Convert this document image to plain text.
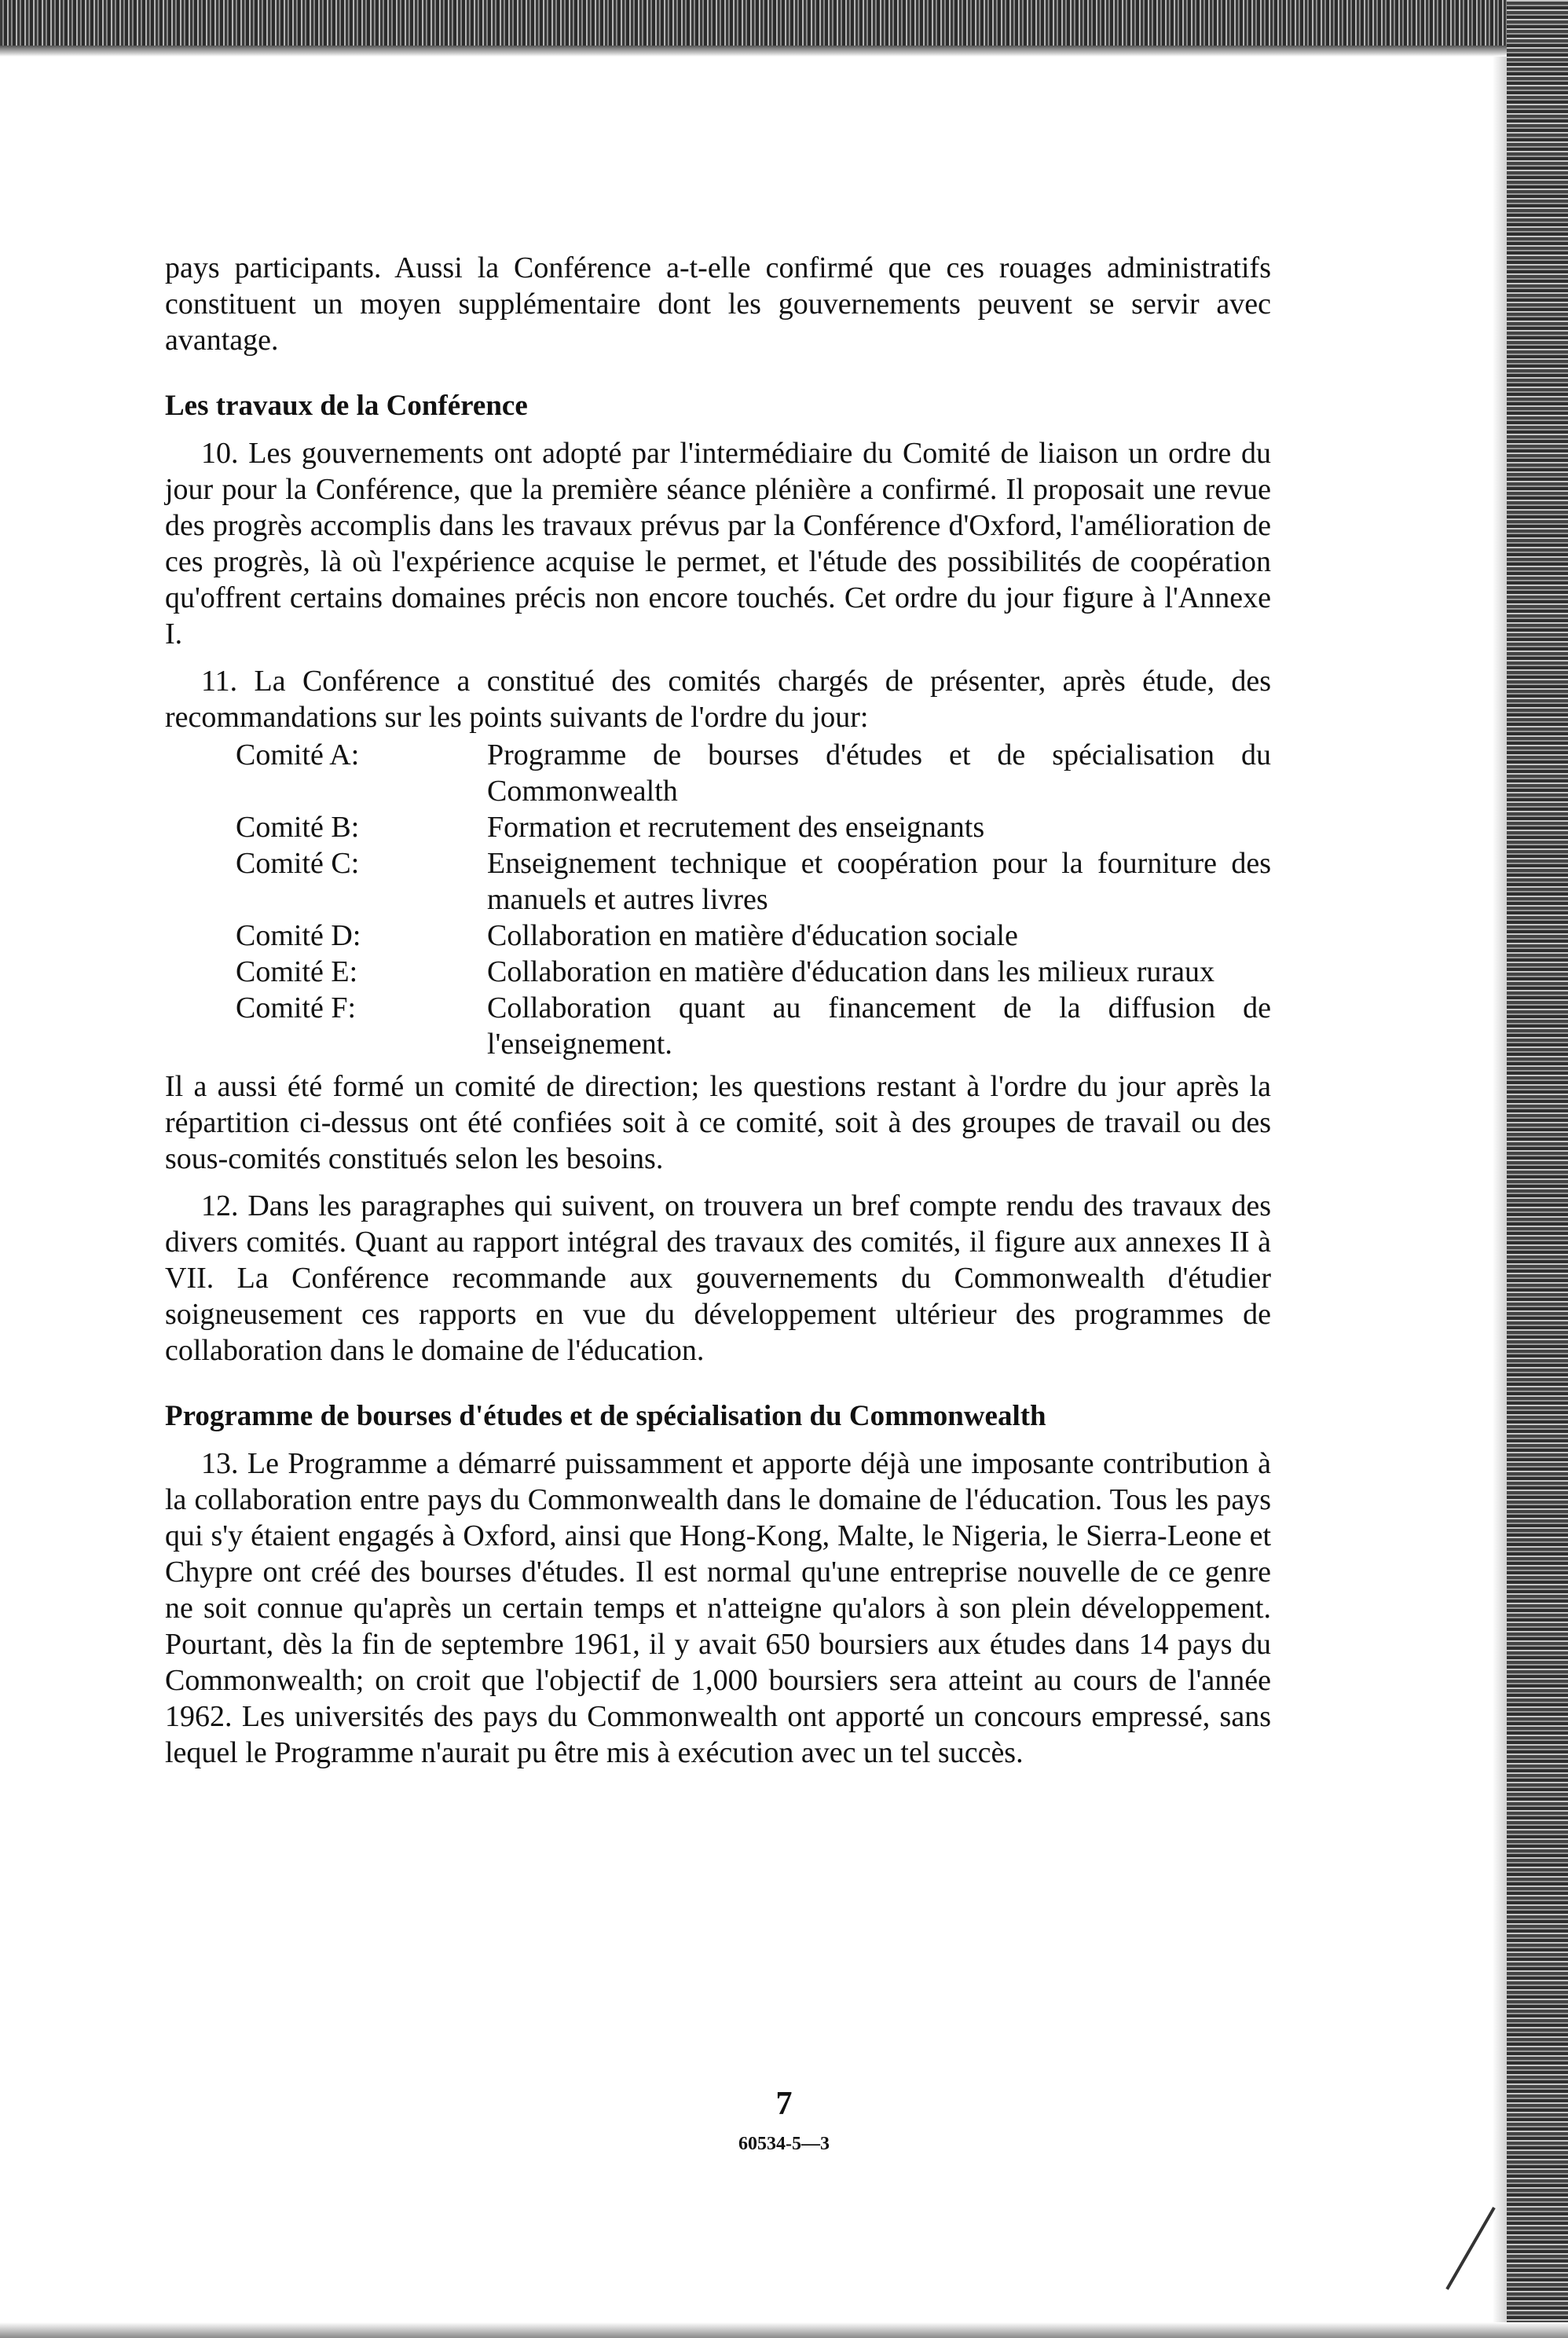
pays participants. Aussi la Conférence a-t-elle confirmé que ces rouages administratifs constituent un moyen supplémentaire dont les gouvernements peuvent se servir avec avantage.

Les travaux de la Conférence

10. Les gouvernements ont adopté par l'intermédiaire du Comité de liaison un ordre du jour pour la Conférence, que la première séance plénière a confirmé. Il proposait une revue des progrès accomplis dans les travaux prévus par la Conférence d'Oxford, l'amélioration de ces progrès, là où l'expérience acquise le permet, et l'étude des possibilités de coopération qu'offrent certains domaines précis non encore touchés. Cet ordre du jour figure à l'Annexe I.

11. La Conférence a constitué des comités chargés de présenter, après étude, des recommandations sur les points suivants de l'ordre du jour:

Comité A:	Programme de bourses d'études et de spécialisation du Commonwealth
Comité B:	Formation et recrutement des enseignants
Comité C:	Enseignement technique et coopération pour la fourniture des manuels et autres livres
Comité D:	Collaboration en matière d'éducation sociale
Comité E:	Collaboration en matière d'éducation dans les milieux ruraux
Comité F:	Collaboration quant au financement de la diffusion de l'enseignement.

Il a aussi été formé un comité de direction; les questions restant à l'ordre du jour après la répartition ci-dessus ont été confiées soit à ce comité, soit à des groupes de travail ou des sous-comités constitués selon les besoins.

12. Dans les paragraphes qui suivent, on trouvera un bref compte rendu des travaux des divers comités. Quant au rapport intégral des travaux des comités, il figure aux annexes II à VII. La Conférence recommande aux gouvernements du Commonwealth d'étudier soigneusement ces rapports en vue du développement ultérieur des programmes de collaboration dans le domaine de l'éducation.

Programme de bourses d'études et de spécialisation du Commonwealth

13. Le Programme a démarré puissamment et apporte déjà une imposante contribution à la collaboration entre pays du Commonwealth dans le domaine de l'éducation. Tous les pays qui s'y étaient engagés à Oxford, ainsi que Hong-Kong, Malte, le Nigeria, le Sierra-Leone et Chypre ont créé des bourses d'études. Il est normal qu'une entreprise nouvelle de ce genre ne soit connue qu'après un certain temps et n'atteigne qu'alors à son plein développement. Pourtant, dès la fin de septembre 1961, il y avait 650 boursiers aux études dans 14 pays du Commonwealth; on croit que l'objectif de 1,000 boursiers sera atteint au cours de l'année 1962. Les universités des pays du Commonwealth ont apporté un concours empressé, sans lequel le Programme n'aurait pu être mis à exécution avec un tel succès.

7
60534-5—3
